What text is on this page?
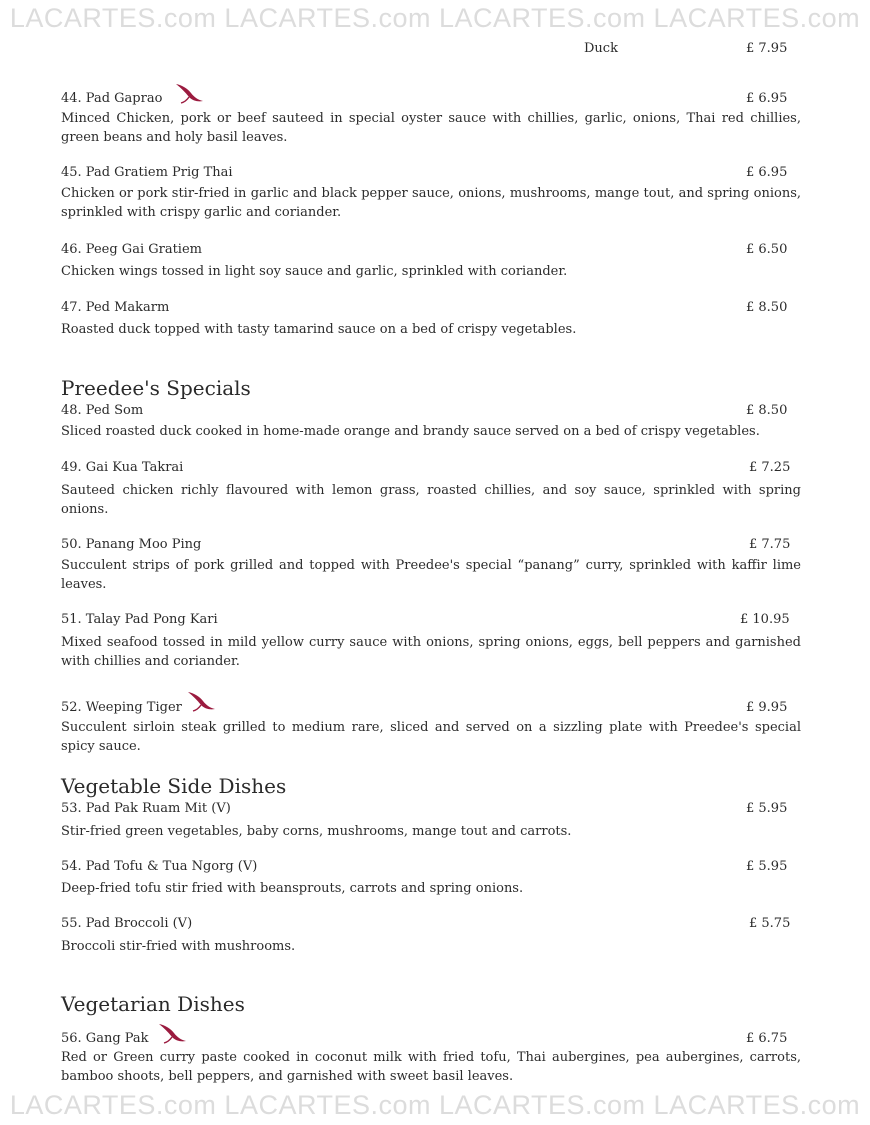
LACARTES.com LACARTES.com LACARTES.com LACARTES.com
Duck	£ 7.95
44. Pad Gaprao	£ 6.95
Minced Chicken, pork or beef sauteed in special oyster sauce with chillies, garlic, onions, Thai red chillies, green beans and holy basil leaves.
45. Pad Gratiem Prig Thai	£ 6.95
Chicken or pork stir-fried in garlic and black pepper sauce, onions, mushrooms, mange tout, and spring onions, sprinkled with crispy garlic and coriander.
46. Peeg Gai Gratiem	£ 6.50
Chicken wings tossed in light soy sauce and garlic, sprinkled with coriander.
47. Ped Makarm	£ 8.50
Roasted duck topped with tasty tamarind sauce on a bed of crispy vegetables.
Preedee's Specials
48. Ped Som	£ 8.50
Sliced roasted duck cooked in home-made orange and brandy sauce served on a bed of crispy vegetables.
49. Gai Kua Takrai	£ 7.25
Sauteed chicken richly flavoured with lemon grass, roasted chillies, and soy sauce, sprinkled with spring onions.
50. Panang Moo Ping	£ 7.75
Succulent strips of pork grilled and topped with Preedee's special “panang” curry, sprinkled with kaffir lime leaves.
51. Talay Pad Pong Kari	£ 10.95
Mixed seafood tossed in mild yellow curry sauce with onions, spring onions, eggs, bell peppers and garnished with chillies and coriander.
52. Weeping Tiger	£ 9.95
Succulent sirloin steak grilled to medium rare, sliced and served on a sizzling plate with Preedee's special spicy sauce.
Vegetable Side Dishes
53. Pad Pak Ruam Mit (V)	£ 5.95
Stir-fried green vegetables, baby corns, mushrooms, mange tout and carrots.
54. Pad Tofu & Tua Ngorg (V)	£ 5.95
Deep-fried tofu stir fried with beansprouts, carrots and spring onions.
55. Pad Broccoli (V)	£ 5.75
Broccoli stir-fried with mushrooms.
Vegetarian Dishes
56. Gang Pak	£ 6.75
Red or Green curry paste cooked in coconut milk with fried tofu, Thai aubergines, pea aubergines, carrots, bamboo shoots, bell peppers, and garnished with sweet basil leaves.
LACARTES.com LACARTES.com LACARTES.com LACARTES.com
